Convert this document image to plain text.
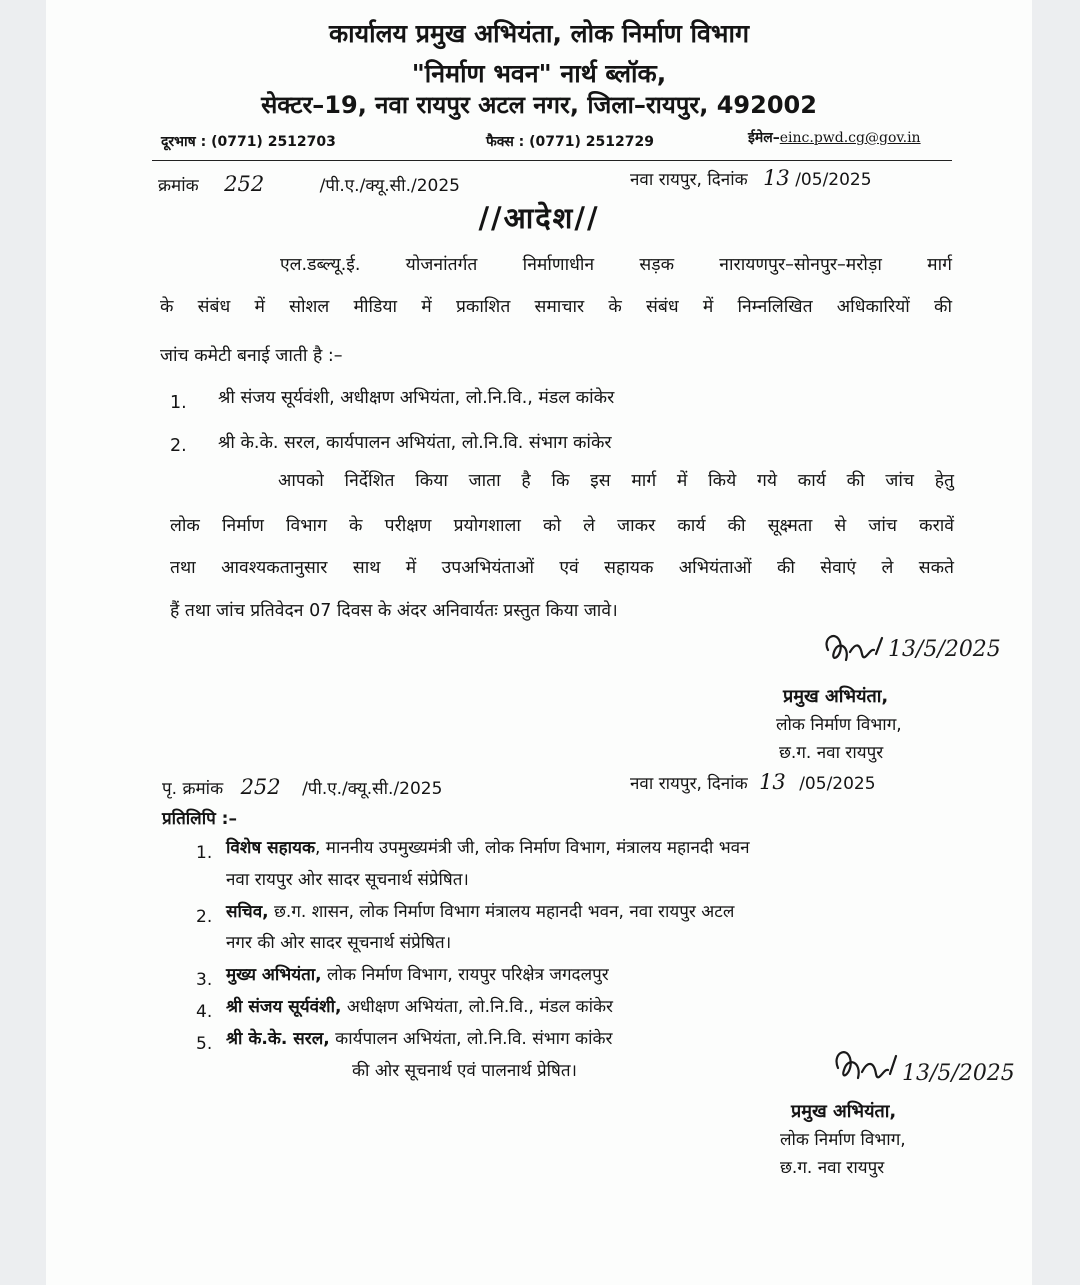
कार्यालय प्रमुख अभियंता, लोक निर्माण विभाग
"निर्माण भवन" नार्थ ब्लॉक,
सेक्टर–19, नवा रायपुर अटल नगर, जिला–रायपुर, 492002
दूरभाष : (0771) 2512703	फैक्स : (0771) 2512729	ईमेल–einc.pwd.cg@gov.in
क्रमांक 252	/पी.ए./क्यू.सी./2025	नवा रायपुर, दिनांक 13 /05/2025
//आदेश//
एल.डब्ल्यू.ई. योजनांतर्गत निर्माणाधीन सड़क नारायणपुर–सोनपुर–मरोड़ा मार्ग
के संबंध में सोशल मीडिया में प्रकाशित समाचार के संबंध में निम्नलिखित अधिकारियों की
जांच कमेटी बनाई जाती है :–
1. श्री संजय सूर्यवंशी, अधीक्षण अभियंता, लो.नि.वि., मंडल कांकेर
2. श्री के.के. सरल, कार्यपालन अभियंता, लो.नि.वि. संभाग कांकेर
आपको निर्देशित किया जाता है कि इस मार्ग में किये गये कार्य की जांच हेतु
लोक निर्माण विभाग के परीक्षण प्रयोगशाला को ले जाकर कार्य की सूक्ष्मता से जांच करावें
तथा आवश्यकतानुसार साथ में उपअभियंताओं एवं सहायक अभियंताओं की सेवाएं ले सकते
हैं तथा जांच प्रतिवेदन 07 दिवस के अंदर अनिवार्यतः प्रस्तुत किया जावे।
13/5/2025
प्रमुख अभियंता,
लोक निर्माण विभाग,
छ.ग. नवा रायपुर
पृ. क्रमांक 252 /पी.ए./क्यू.सी./2025	नवा रायपुर, दिनांक 13 /05/2025
प्रतिलिपि :–
1. विशेष सहायक, माननीय उपमुख्यमंत्री जी, लोक निर्माण विभाग, मंत्रालय महानदी भवन
नवा रायपुर ओर सादर सूचनार्थ संप्रेषित।
2. सचिव, छ.ग. शासन, लोक निर्माण विभाग मंत्रालय महानदी भवन, नवा रायपुर अटल
नगर की ओर सादर सूचनार्थ संप्रेषित।
3. मुख्य अभियंता, लोक निर्माण विभाग, रायपुर परिक्षेत्र जगदलपुर
4. श्री संजय सूर्यवंशी, अधीक्षण अभियंता, लो.नि.वि., मंडल कांकेर
5. श्री के.के. सरल, कार्यपालन अभियंता, लो.नि.वि. संभाग कांकेर
की ओर सूचनार्थ एवं पालनार्थ प्रेषित।	13/5/2025
प्रमुख अभियंता,
लोक निर्माण विभाग,
छ.ग. नवा रायपुर
